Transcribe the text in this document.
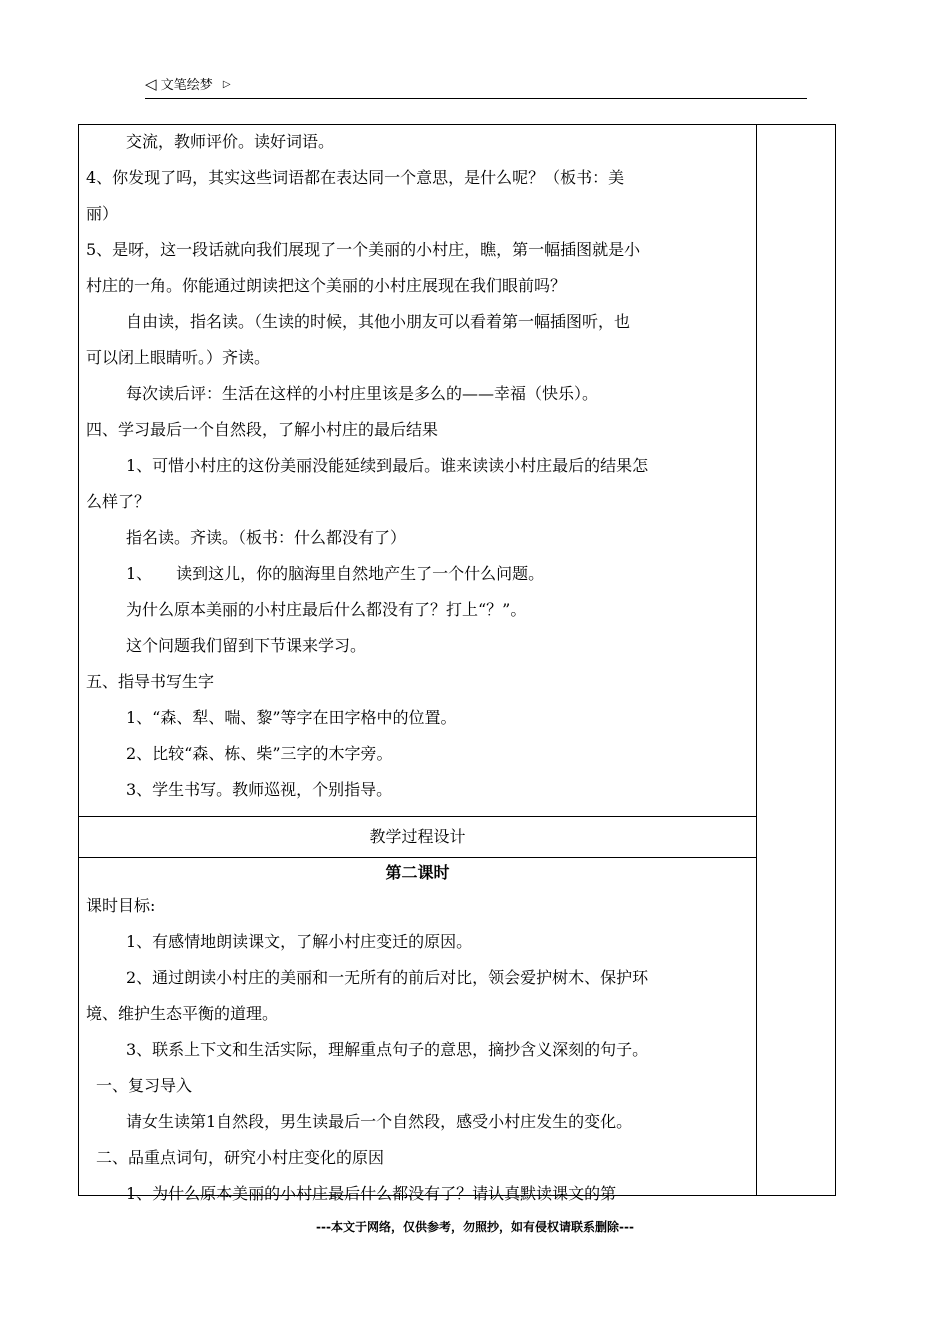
◁ 文笔绘梦 ▷

交流，教师评价。读好词语。

4、你发现了吗，其实这些词语都在表达同一个意思，是什么呢？（板书：美

丽）

5、是呀，这一段话就向我们展现了一个美丽的小村庄，瞧，第一幅插图就是小

村庄的一角。你能通过朗读把这个美丽的小村庄展现在我们眼前吗？

自由读，指名读。（生读的时候，其他小朋友可以看着第一幅插图听，也

可以闭上眼睛听。）齐读。

每次读后评：生活在这样的小村庄里该是多么的——幸福（快乐）。

四、学习最后一个自然段，了解小村庄的最后结果

1、可惜小村庄的这份美丽没能延续到最后。谁来读读小村庄最后的结果怎

么样了？

指名读。齐读。（板书：什么都没有了）

1、　　读到这儿，你的脑海里自然地产生了一个什么问题。

为什么原本美丽的小村庄最后什么都没有了？打上“？”。

这个问题我们留到下节课来学习。

五、指导书写生字

1、“森、犁、喘、黎”等字在田字格中的位置。

2、比较“森、栋、柴”三字的木字旁。

3、学生书写。教师巡视，个别指导。

教学过程设计
第二课时

课时目标:

1、有感情地朗读课文，了解小村庄变迁的原因。

2、通过朗读小村庄的美丽和一无所有的前后对比，领会爱护树木、保护环

境、维护生态平衡的道理。

3、联系上下文和生活实际，理解重点句子的意思，摘抄含义深刻的句子。

一、复习导入

请女生读第1自然段，男生读最后一个自然段，感受小村庄发生的变化。

二、品重点词句，研究小村庄变化的原因

1、为什么原本美丽的小村庄最后什么都没有了？请认真默读课文的第

---本文于网络，仅供参考，勿照抄，如有侵权请联系删除---
